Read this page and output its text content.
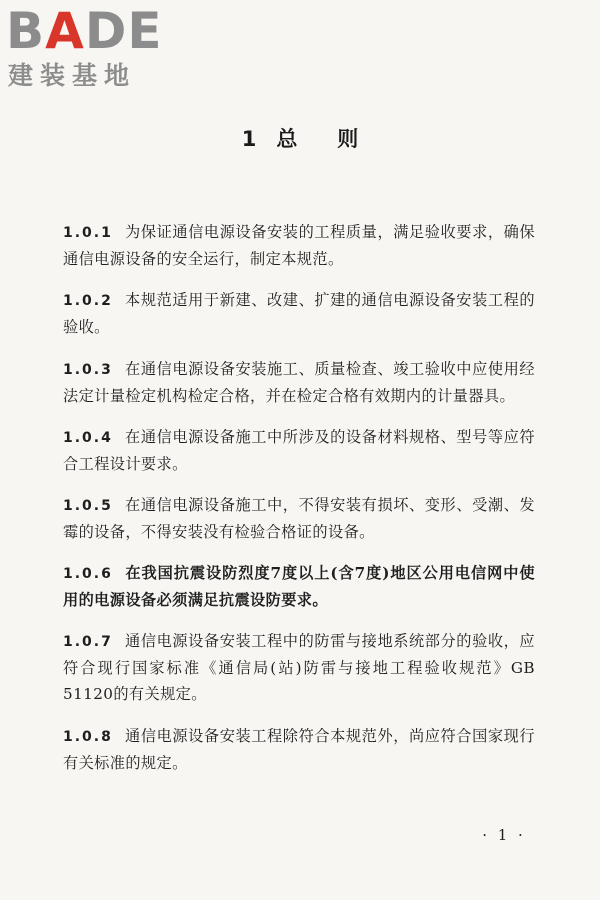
BADE
建装基地
1 总则

1.0.1 为保证通信电源设备安装的工程质量，满足验收要求，确保通信电源设备的安全运行，制定本规范。

1.0.2 本规范适用于新建、改建、扩建的通信电源设备安装工程的验收。

1.0.3 在通信电源设备安装施工、质量检查、竣工验收中应使用经法定计量检定机构检定合格，并在检定合格有效期内的计量器具。

1.0.4 在通信电源设备施工中所涉及的设备材料规格、型号等应符合工程设计要求。

1.0.5 在通信电源设备施工中，不得安装有损坏、变形、受潮、发霉的设备，不得安装没有检验合格证的设备。

1.0.6 在我国抗震设防烈度7度以上(含7度)地区公用电信网中使用的电源设备必须满足抗震设防要求。

1.0.7 通信电源设备安装工程中的防雷与接地系统部分的验收，应符合现行国家标准《通信局(站)防雷与接地工程验收规范》GB 51120的有关规定。

1.0.8 通信电源设备安装工程除符合本规范外，尚应符合国家现行有关标准的规定。

· 1 ·
